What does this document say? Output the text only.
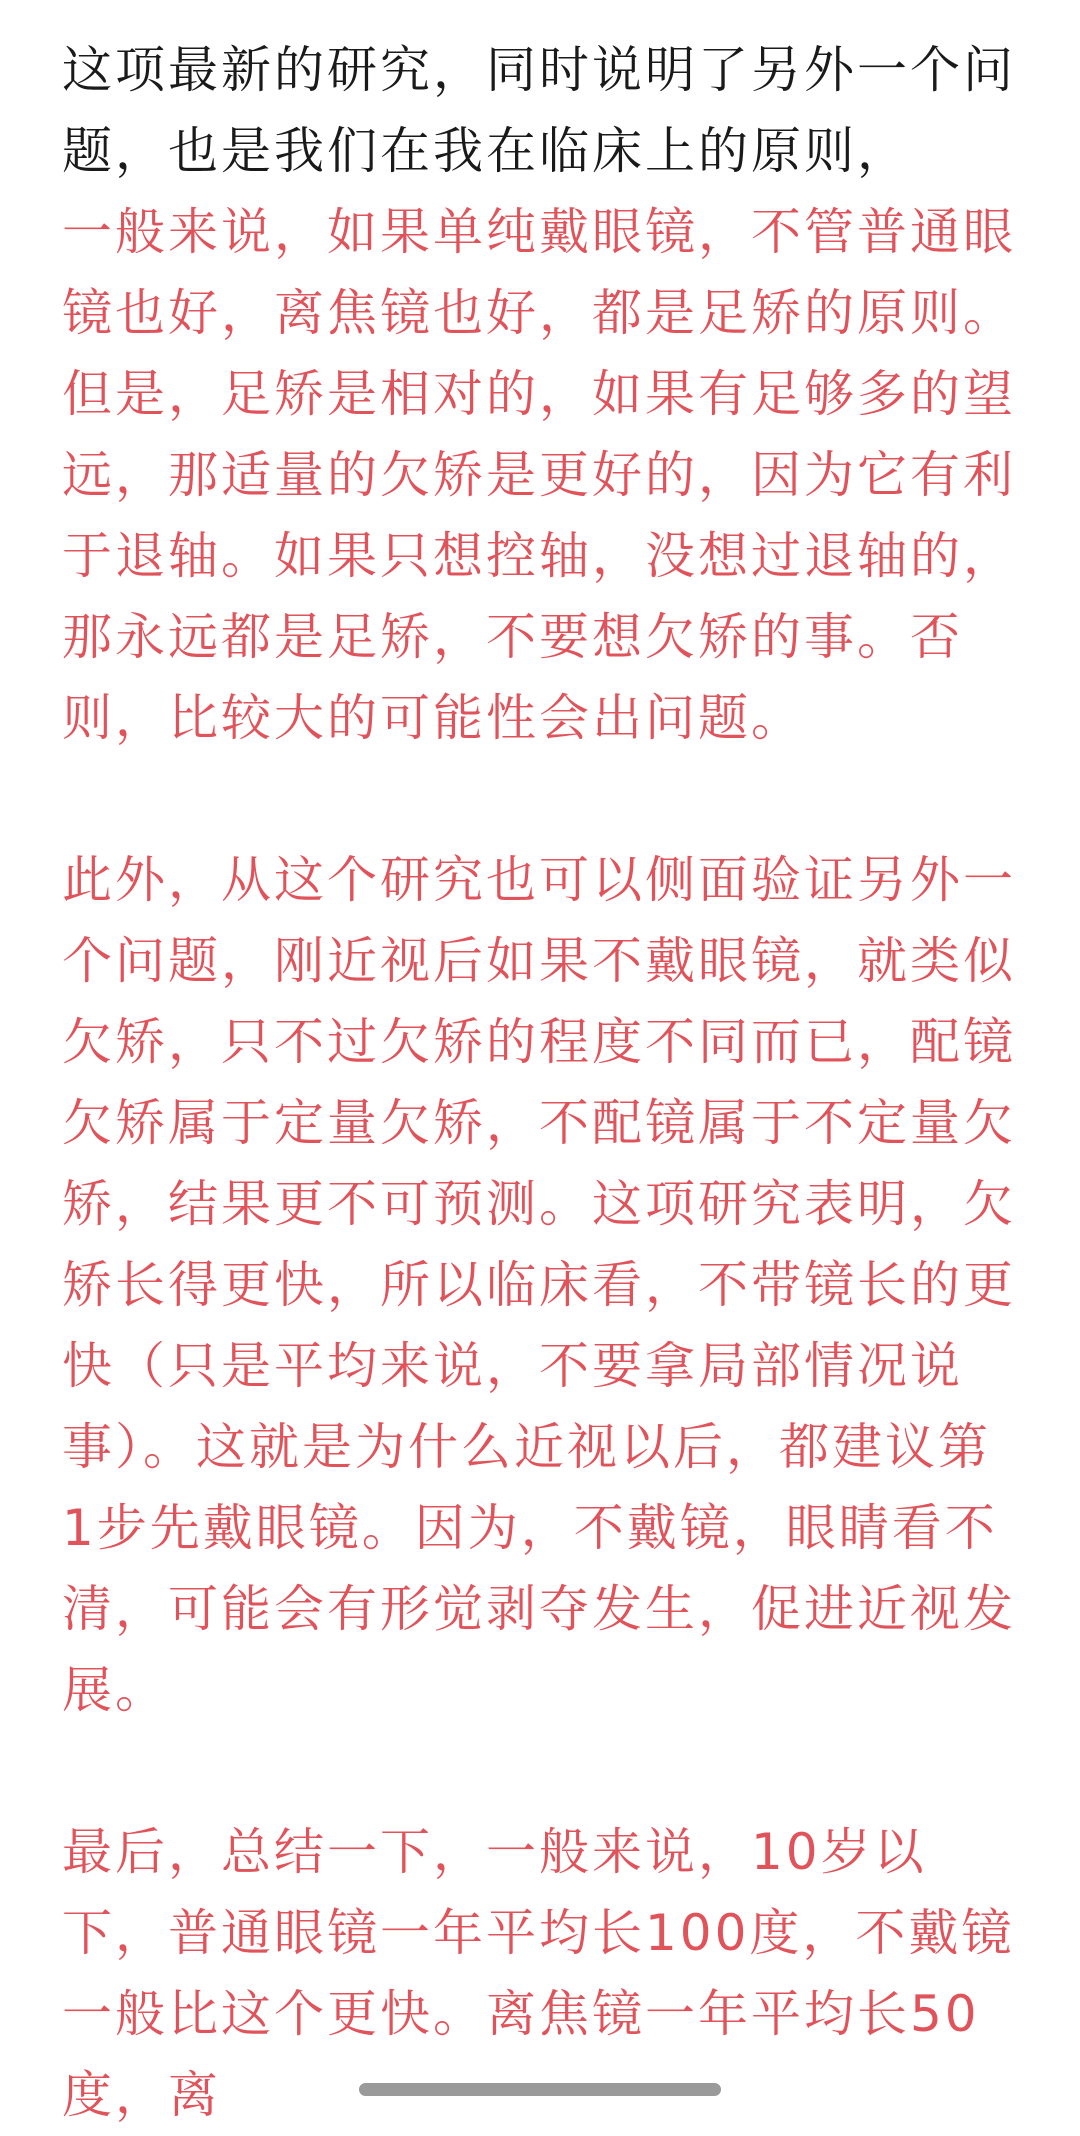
这项最新的研究，同时说明了另外一个问题，也是我们在我在临床上的原则，

一般来说，如果单纯戴眼镜，不管普通眼镜也好，离焦镜也好，都是足矫的原则。但是，足矫是相对的，如果有足够多的望远，那适量的欠矫是更好的，因为它有利于退轴。如果只想控轴，没想过退轴的，那永远都是足矫，不要想欠矫的事。否则，比较大的可能性会出问题。

此外，从这个研究也可以侧面验证另外一个问题，刚近视后如果不戴眼镜，就类似欠矫，只不过欠矫的程度不同而已，配镜欠矫属于定量欠矫，不配镜属于不定量欠矫，结果更不可预测。这项研究表明，欠矫长得更快，所以临床看，不带镜长的更快（只是平均来说，不要拿局部情况说事）。这就是为什么近视以后，都建议第1步先戴眼镜。因为，不戴镜，眼睛看不清，可能会有形觉剥夺发生，促进近视发展。

最后，总结一下，一般来说，10岁以下，普通眼镜一年平均长100度，不戴镜一般比这个更快。离焦镜一年平均长50度，离
